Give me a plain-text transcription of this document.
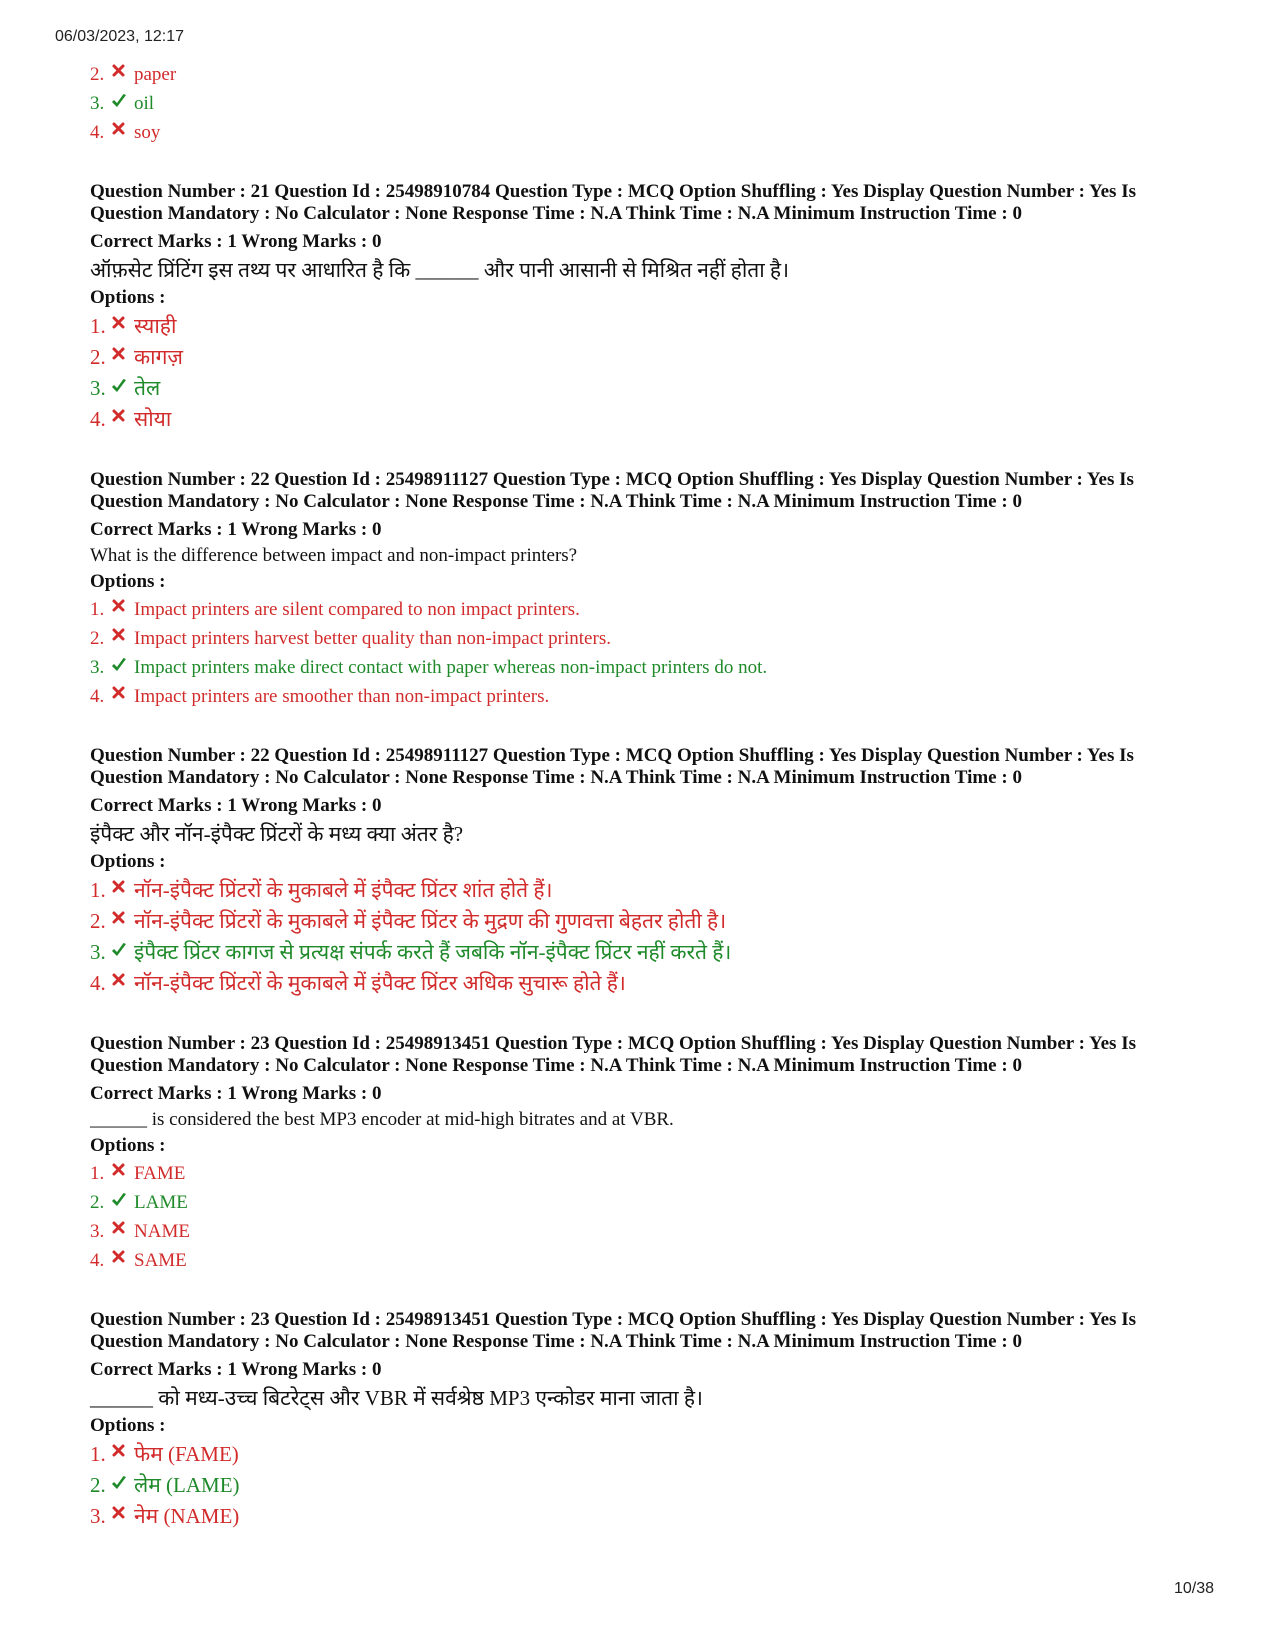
06/03/2023, 12:17
2.	paper
3.	oil
4.	soy
Question Number : 21 Question Id : 25498910784 Question Type : MCQ Option Shuffling : Yes Display Question Number : Yes Is
Question Mandatory : No Calculator : None Response Time : N.A Think Time : N.A Minimum Instruction Time : 0
Correct Marks : 1 Wrong Marks : 0
ऑफ़सेट प्रिंटिंग इस तथ्य पर आधारित है कि ______ और पानी आसानी से मिश्रित नहीं होता है।
Options :
1. स्याही
2. कागज़
3. तेल
4. सोया
Question Number : 22 Question Id : 25498911127 Question Type : MCQ Option Shuffling : Yes Display Question Number : Yes Is
Question Mandatory : No Calculator : None Response Time : N.A Think Time : N.A Minimum Instruction Time : 0
Correct Marks : 1 Wrong Marks : 0
What is the difference between impact and non-impact printers?
Options :
1.	Impact printers are silent compared to non impact printers.
2.	Impact printers harvest better quality than non-impact printers.
3.	Impact printers make direct contact with paper whereas non-impact printers do not.
4.	Impact printers are smoother than non-impact printers.
Question Number : 22 Question Id : 25498911127 Question Type : MCQ Option Shuffling : Yes Display Question Number : Yes Is
Question Mandatory : No Calculator : None Response Time : N.A Think Time : N.A Minimum Instruction Time : 0
Correct Marks : 1 Wrong Marks : 0
इंपैक्ट और नॉन-इंपैक्ट प्रिंटरों के मध्य क्या अंतर है?
Options :
1. नॉन-इंपैक्ट प्रिंटरों के मुकाबले में इंपैक्ट प्रिंटर शांत होते हैं।
2. नॉन-इंपैक्ट प्रिंटरों के मुकाबले में इंपैक्ट प्रिंटर के मुद्रण की गुणवत्ता बेहतर होती है।
3. इंपैक्ट प्रिंटर कागज से प्रत्यक्ष संपर्क करते हैं जबकि नॉन-इंपैक्ट प्रिंटर नहीं करते हैं।
4. नॉन-इंपैक्ट प्रिंटरों के मुकाबले में इंपैक्ट प्रिंटर अधिक सुचारू होते हैं।
Question Number : 23 Question Id : 25498913451 Question Type : MCQ Option Shuffling : Yes Display Question Number : Yes Is
Question Mandatory : No Calculator : None Response Time : N.A Think Time : N.A Minimum Instruction Time : 0
Correct Marks : 1 Wrong Marks : 0
______ is considered the best MP3 encoder at mid-high bitrates and at VBR.
Options :
1.	FAME
2.	LAME
3.	NAME
4.	SAME
Question Number : 23 Question Id : 25498913451 Question Type : MCQ Option Shuffling : Yes Display Question Number : Yes Is
Question Mandatory : No Calculator : None Response Time : N.A Think Time : N.A Minimum Instruction Time : 0
Correct Marks : 1 Wrong Marks : 0
______ को मध्य-उच्च बिटरेट्स और VBR में सर्वश्रेष्ठ MP3 एन्कोडर माना जाता है।
Options :
1. फेम (FAME)
2. लेम (LAME)
3. नेम (NAME)
10/38
